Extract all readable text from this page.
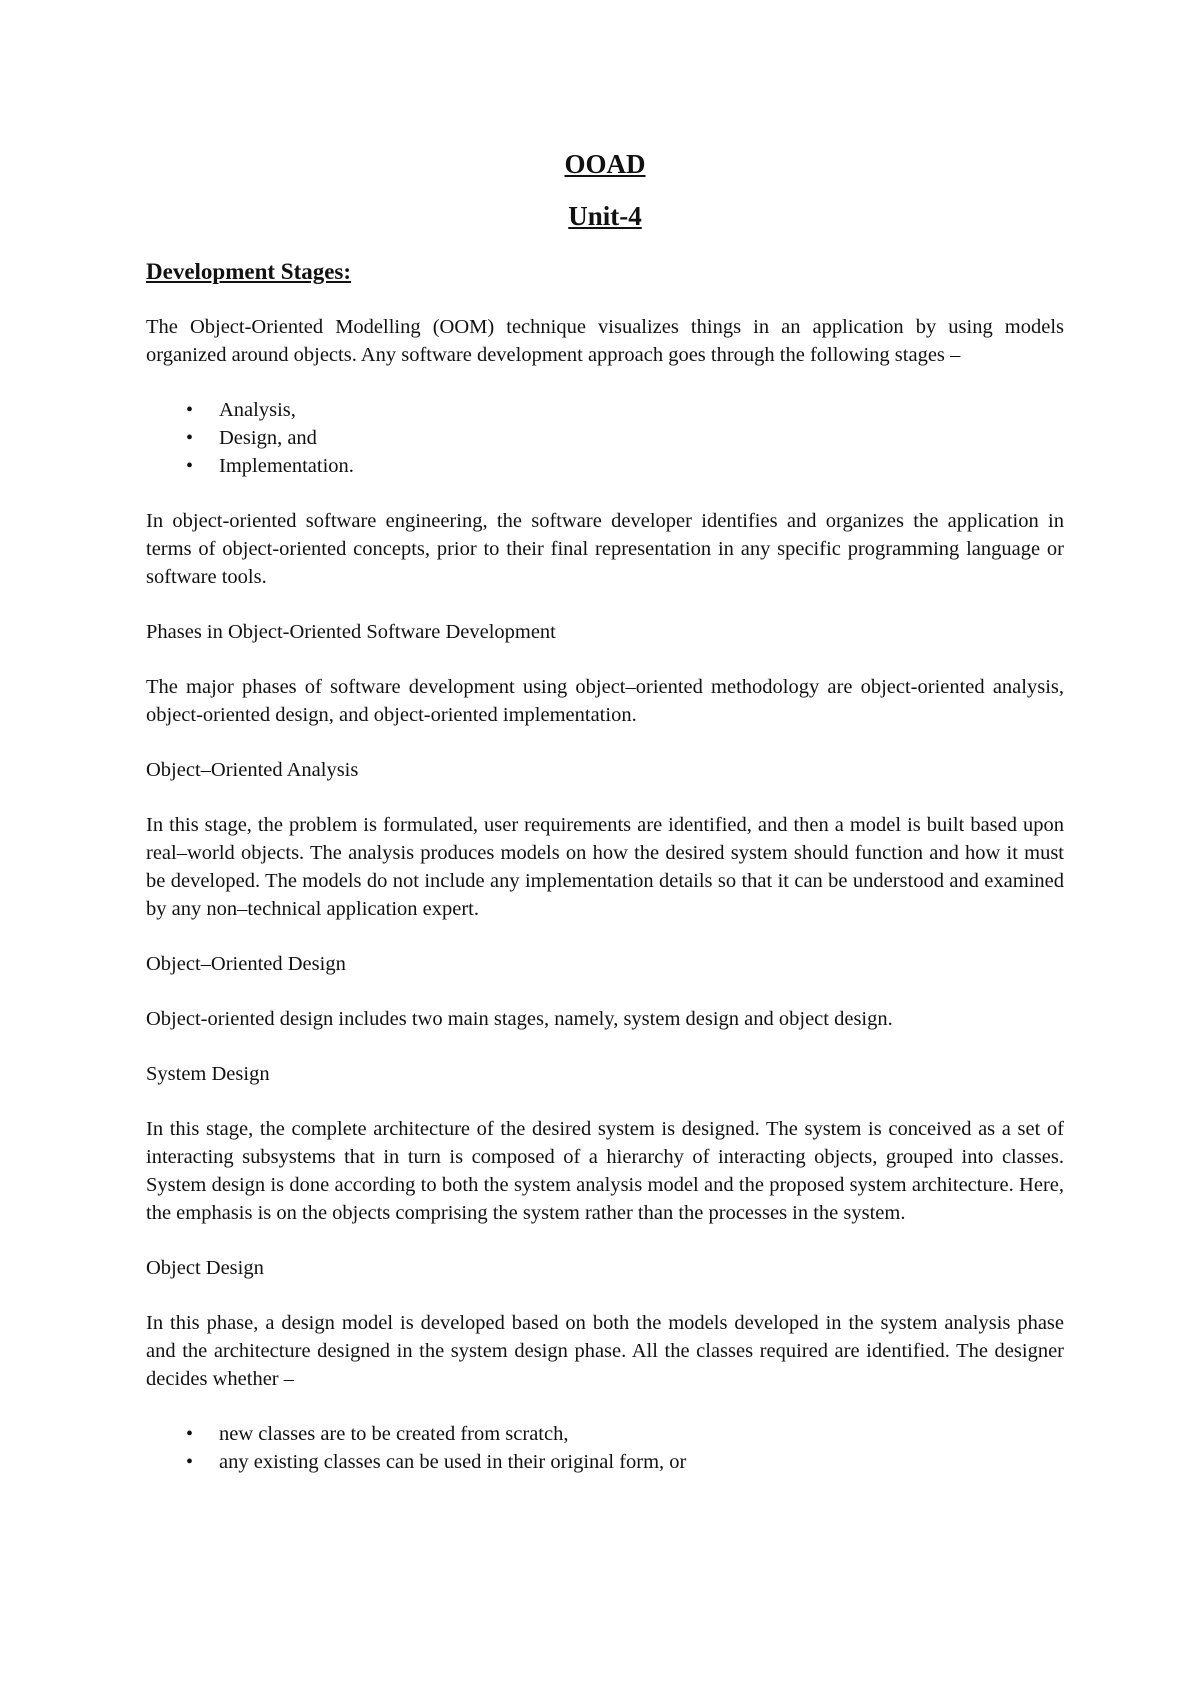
OOAD
Unit-4
Development Stages:

The Object-Oriented Modelling (OOM) technique visualizes things in an application by using models organized around objects. Any software development approach goes through the following stages –

• Analysis,
• Design, and
• Implementation.

In object-oriented software engineering, the software developer identifies and organizes the application in terms of object-oriented concepts, prior to their final representation in any specific programming language or software tools.

Phases in Object-Oriented Software Development

The major phases of software development using object–oriented methodology are object-oriented analysis, object-oriented design, and object-oriented implementation.

Object–Oriented Analysis

In this stage, the problem is formulated, user requirements are identified, and then a model is built based upon real–world objects. The analysis produces models on how the desired system should function and how it must be developed. The models do not include any implementation details so that it can be understood and examined by any non–technical application expert.

Object–Oriented Design

Object-oriented design includes two main stages, namely, system design and object design.

System Design

In this stage, the complete architecture of the desired system is designed. The system is conceived as a set of interacting subsystems that in turn is composed of a hierarchy of interacting objects, grouped into classes. System design is done according to both the system analysis model and the proposed system architecture. Here, the emphasis is on the objects comprising the system rather than the processes in the system.

Object Design

In this phase, a design model is developed based on both the models developed in the system analysis phase and the architecture designed in the system design phase. All the classes required are identified. The designer decides whether –

• new classes are to be created from scratch,
• any existing classes can be used in their original form, or
